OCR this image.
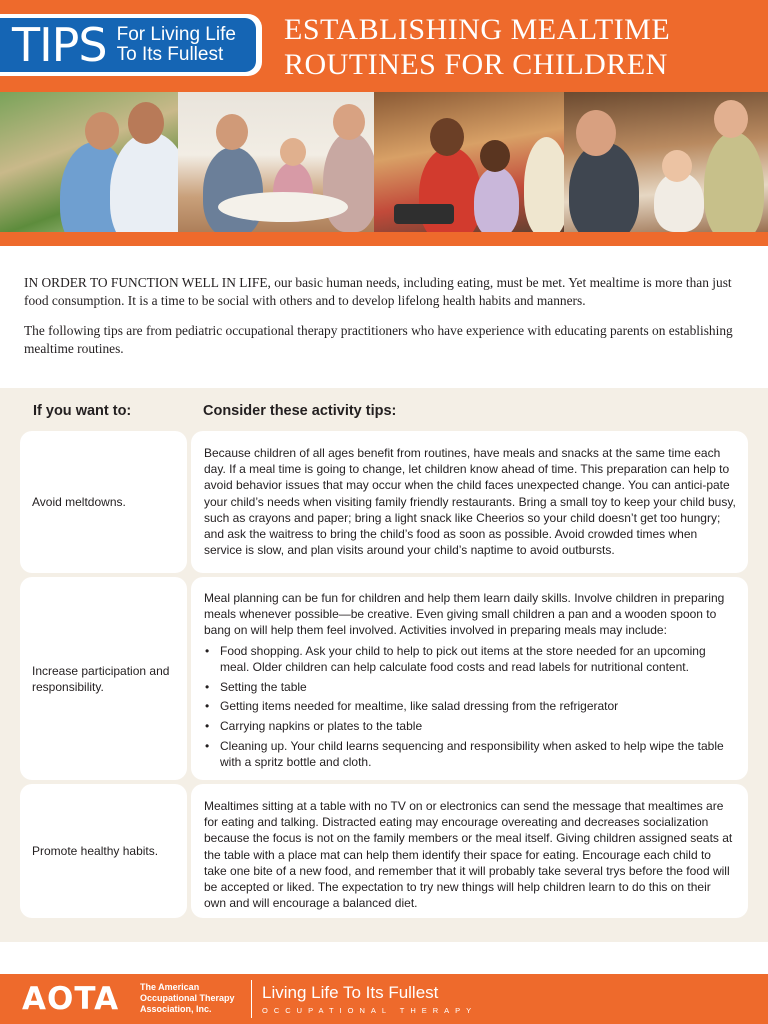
TIPS For Living Life
To Its Fullest
ESTABLISHING MEALTIME
ROUTINES FOR CHILDREN

IN ORDER TO FUNCTION WELL IN LIFE, our basic human needs, including eating, must be met. Yet mealtime is more than just food consumption. It is a time to be social with others and to develop lifelong health habits and manners.

The following tips are from pediatric occupational therapy practitioners who have experience with educating parents on establishing mealtime routines.

If you want to:	Consider these activity tips:
Avoid meltdowns.
Because children of all ages benefit from routines, have meals and snacks at the same time each day. If a meal time is going to change, let children know ahead of time. This preparation can help to avoid behavior issues that may occur when the child faces unexpected change. You can antici-pate your child’s needs when visiting family friendly restaurants. Bring a small toy to keep your child busy, such as crayons and paper; bring a light snack like Cheerios so your child doesn’t get too hungry; and ask the waitress to bring the child’s food as soon as possible. Avoid crowded times when service is slow, and plan visits around your child’s naptime to avoid outbursts.
Increase participation and responsibility.
Meal planning can be fun for children and help them learn daily skills. Involve children in preparing meals whenever possible—be creative. Even giving small children a pan and a wooden spoon to bang on will help them feel involved. Activities involved in preparing meals may include:
• Food shopping. Ask your child to help to pick out items at the store needed for an upcoming meal. Older children can help calculate food costs and read labels for nutritional content.
• Setting the table
• Getting items needed for mealtime, like salad dressing from the refrigerator
• Carrying napkins or plates to the table
• Cleaning up. Your child learns sequencing and responsibility when asked to help wipe the table with a spritz bottle and cloth.
Promote healthy habits.
Mealtimes sitting at a table with no TV on or electronics can send the message that mealtimes are for eating and talking. Distracted eating may encourage overeating and decreases socialization because the focus is not on the family members or the meal itself. Giving children assigned seats at the table with a place mat can help them identify their space for eating. Encourage each child to take one bite of a new food, and remember that it will probably take several trys before the food will be accepted or liked. The expectation to try new things will help children learn to do this on their own and will encourage a balanced diet.
AOTA The American
Occupational Therapy
Association, Inc.
Living Life To Its Fullest
OCCUPATIONAL THERAPY
